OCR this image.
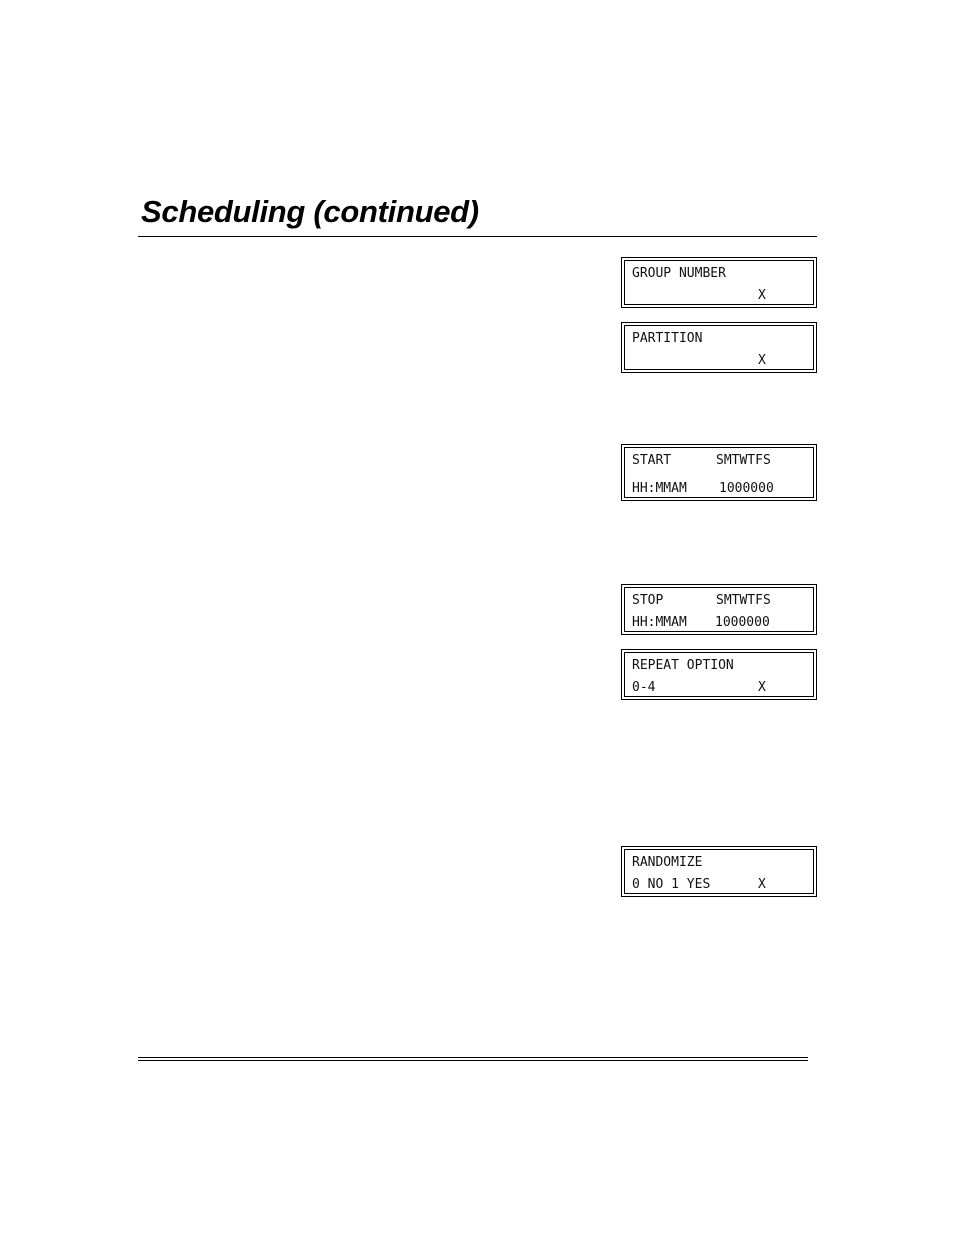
Scheduling (continued)
GROUP NUMBER
X
PARTITION
X
START	SMTWTFS
HH:MMAM 1000000
STOP	SMTWTFS
HH:MMAM 1000000
REPEAT OPTION
0-4	X
RANDOMIZE
0 NO 1 YES	X
